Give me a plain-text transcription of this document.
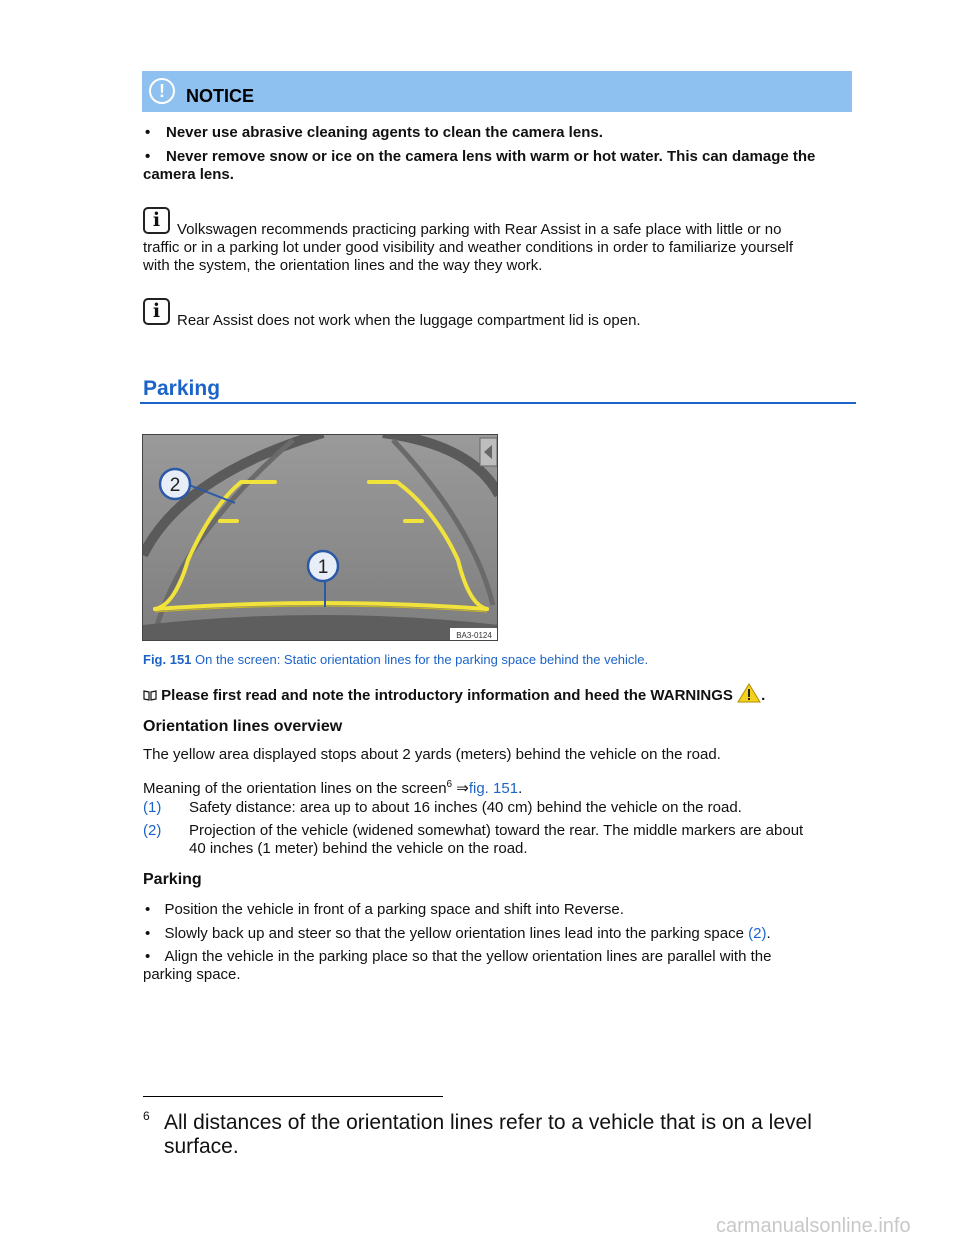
!	NOTICE
• Never use abrasive cleaning agents to clean the camera lens.
• Never remove snow or ice on the camera lens with warm or hot water. This can damage the
camera lens.
i	Volkswagen recommends practicing parking with Rear Assist in a safe place with little or no
traffic or in a parking lot under good visibility and weather conditions in order to familiarize yourself
with the system, the orientation lines and the way they work.
i	Rear Assist does not work when the luggage compartment lid is open.
Parking
1
2
BA3-0124
Fig. 151 On the screen: Static orientation lines for the parking space behind the vehicle.
Please first read and note the introductory information and heed the WARNINGS .
Orientation lines overview
The yellow area displayed stops about 2 yards (meters) behind the vehicle on the road.
Meaning of the orientation lines on the screen$^6$ ⇒fig. 151.
(1) Safety distance: area up to about 16 inches (40 cm) behind the vehicle on the road.
(2) Projection of the vehicle (widened somewhat) toward the rear. The middle markers are about
40 inches (1 meter) behind the vehicle on the road.
Parking
• Position the vehicle in front of a parking space and shift into Reverse.
• Slowly back up and steer so that the yellow orientation lines lead into the parking space (2).
• Align the vehicle in the parking place so that the yellow orientation lines are parallel with the
parking space.
6 All distances of the orientation lines refer to a vehicle that is on a level
surface.
carmanualsonline.info
